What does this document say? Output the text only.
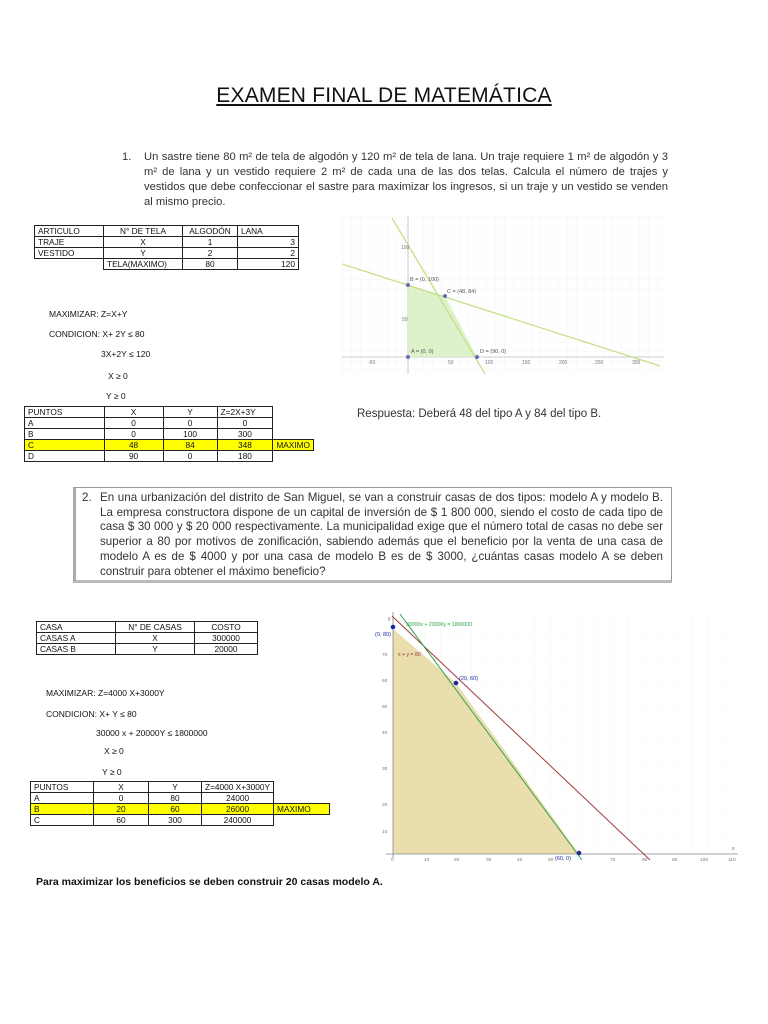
EXAMEN FINAL DE MATEMÁTICA
1. Un sastre tiene 80 m² de tela de algodón y 120 m² de tela de lana. Un traje requiere 1 m² de algodón y 3 m² de lana y un vestido requiere 2 m² de cada una de las dos telas. Calcula el número de trajes y vestidos que debe confeccionar el sastre para maximizar los ingresos, si un traje y un vestido se venden al mismo precio.
ARTICULO	N° DE TELA	ALGODÓN	LANA
TRAJE	X	1	3
VESTIDO	Y	2	2
	TELA(MAXIMO)	80	120
MAXIMIZAR: Z=X+Y
CONDICION: X+ 2Y ≤ 80
3X+2Y ≤ 120
X ≥ 0
Y ≥ 0
PUNTOS	X	Y	Z=2X+3Y	
A	0	0	0	
B	0	100	300	
C	48	84	348	MAXIMO
D	90	0	180	
B = (0, 100)
C = (48, 84)
A = (0, 0)	D = (90, 0)
100
50
-50	50	100	150	200	250	300
Respuesta: Deberá 48 del tipo A y 84 del tipo B.
2. En una urbanización del distrito de San Miguel, se van a construir casas de dos tipos: modelo A y modelo B. La empresa constructora dispone de un capital de inversión de $ 1 800 000, siendo el costo de cada tipo de casa $ 30 000 y $ 20 000 respectivamente. La municipalidad exige que el número total de casas no debe ser superior a 80 por motivos de zonificación, sabiendo además que el beneficio por la venta de una casa de modelo A es de $ 4000 y por una casa de modelo B es de $ 3000, ¿cuántas casas modelo A se deben construir para obtener el máximo beneficio?
CASA	N° DE CASAS	COSTO
CASAS A	X	300000
CASAS B	Y	20000
MAXIMIZAR: Z=4000 X+3000Y
CONDICION: X+ Y ≤ 80
30000 x + 20000Y ≤ 1800000
X ≥ 0
Y ≥ 0
PUNTOS	X	Y	Z=4000 X+3000Y	
A	0	80	24000	
B	20	60	26000	MAXIMO
C	60	300	240000	
30000x + 20000y = 1800000
x + y = 80
(0, 80)
(20, 60)
(60, 0)
y
x
70
60
50
40
30
20
10
0	10	20	30	40	50	70	80	90	100	110
Para maximizar los beneficios se deben construir 20 casas modelo A.
